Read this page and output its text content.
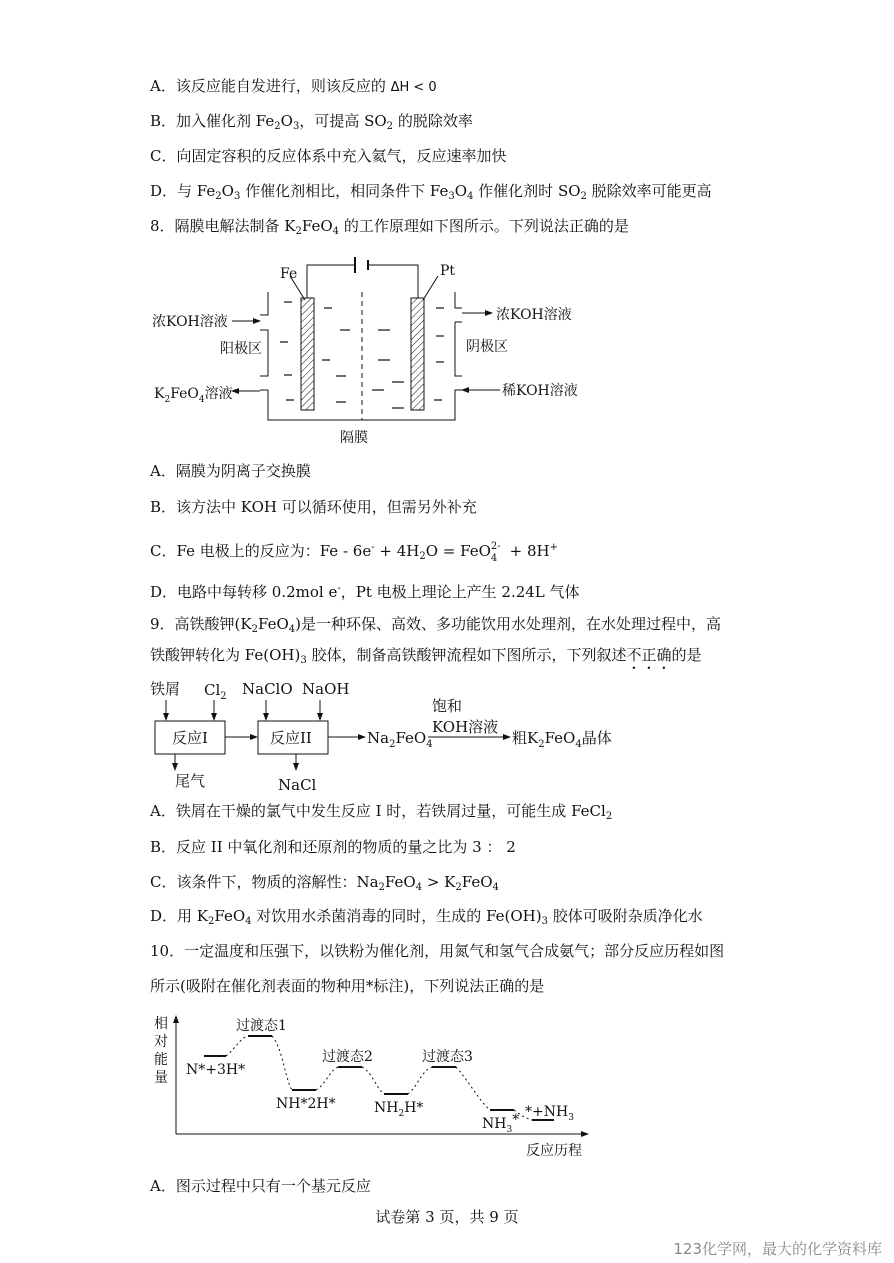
A．该反应能自发进行，则该反应的 ΔH < 0
B．加入催化剂 $Fe_2O_3$，可提高 $SO_2$ 的脱除效率
C．向固定容积的反应体系中充入氦气，反应速率加快
D．与 $Fe_2O_3$ 作催化剂相比，相同条件下 $Fe_3O_4$ 作催化剂时 $SO_2$ 脱除效率可能更高
8．隔膜电解法制备 $K_2FeO_4$ 的工作原理如下图所示。下列说法正确的是
Fe	Pt
浓KOH溶液
阳极区
$K_2FeO_4$溶液
浓KOH溶液
阴极区
稀KOH溶液
隔膜
A．隔膜为阴离子交换膜
B．该方法中 KOH 可以循环使用，但需另外补充
C．Fe 电极上的反应为：$Fe - 6e^- + 4H_2O$ = FeO 2-
4 + 8H+
D．电路中每转移 0.2mol e-，Pt 电极上理论上产生 2.24L 气体
9．高铁酸钾$(K_2FeO_4)$是一种环保、高效、多功能饮用水处理剂，在水处理过程中，高
铁酸钾转化为 $Fe(OH)_3$ 胶体，制备高铁酸钾流程如下图所示，下列叙述不正确的是
铁屑 $Cl_2$ NaClO NaOH
反应I	反应II	$Na_2FeO_4$
饱和
KOH溶液
粗$K_2FeO_4$晶体
尾气	NaCl
A．铁屑在干燥的氯气中发生反应 I 时，若铁屑过量，可能生成 FeCl$_2$
B．反应 II 中氧化剂和还原剂的物质的量之比为 3 ： 2
C．该条件下，物质的溶解性：$Na_2FeO_4 > K_2FeO_4$
D．用 $K_2FeO_4$ 对饮用水杀菌消毒的同时，生成的 $Fe(OH)_3$ 胶体可吸附杂质净化水
10．一定温度和压强下，以铁粉为催化剂，用氮气和氢气合成氨气；部分反应历程如图
所示(吸附在催化剂表面的物种用*标注)，下列说法正确的是
相
对
能
量
反应历程
过渡态1
过渡态2	过渡态3
N*+3H*
NH*2H*	$NH_2H*$
$NH_3*$ $*+NH_3$
A．图示过程中只有一个基元反应
试卷第 3 页，共 9 页
123化学网，最大的化学资料库
